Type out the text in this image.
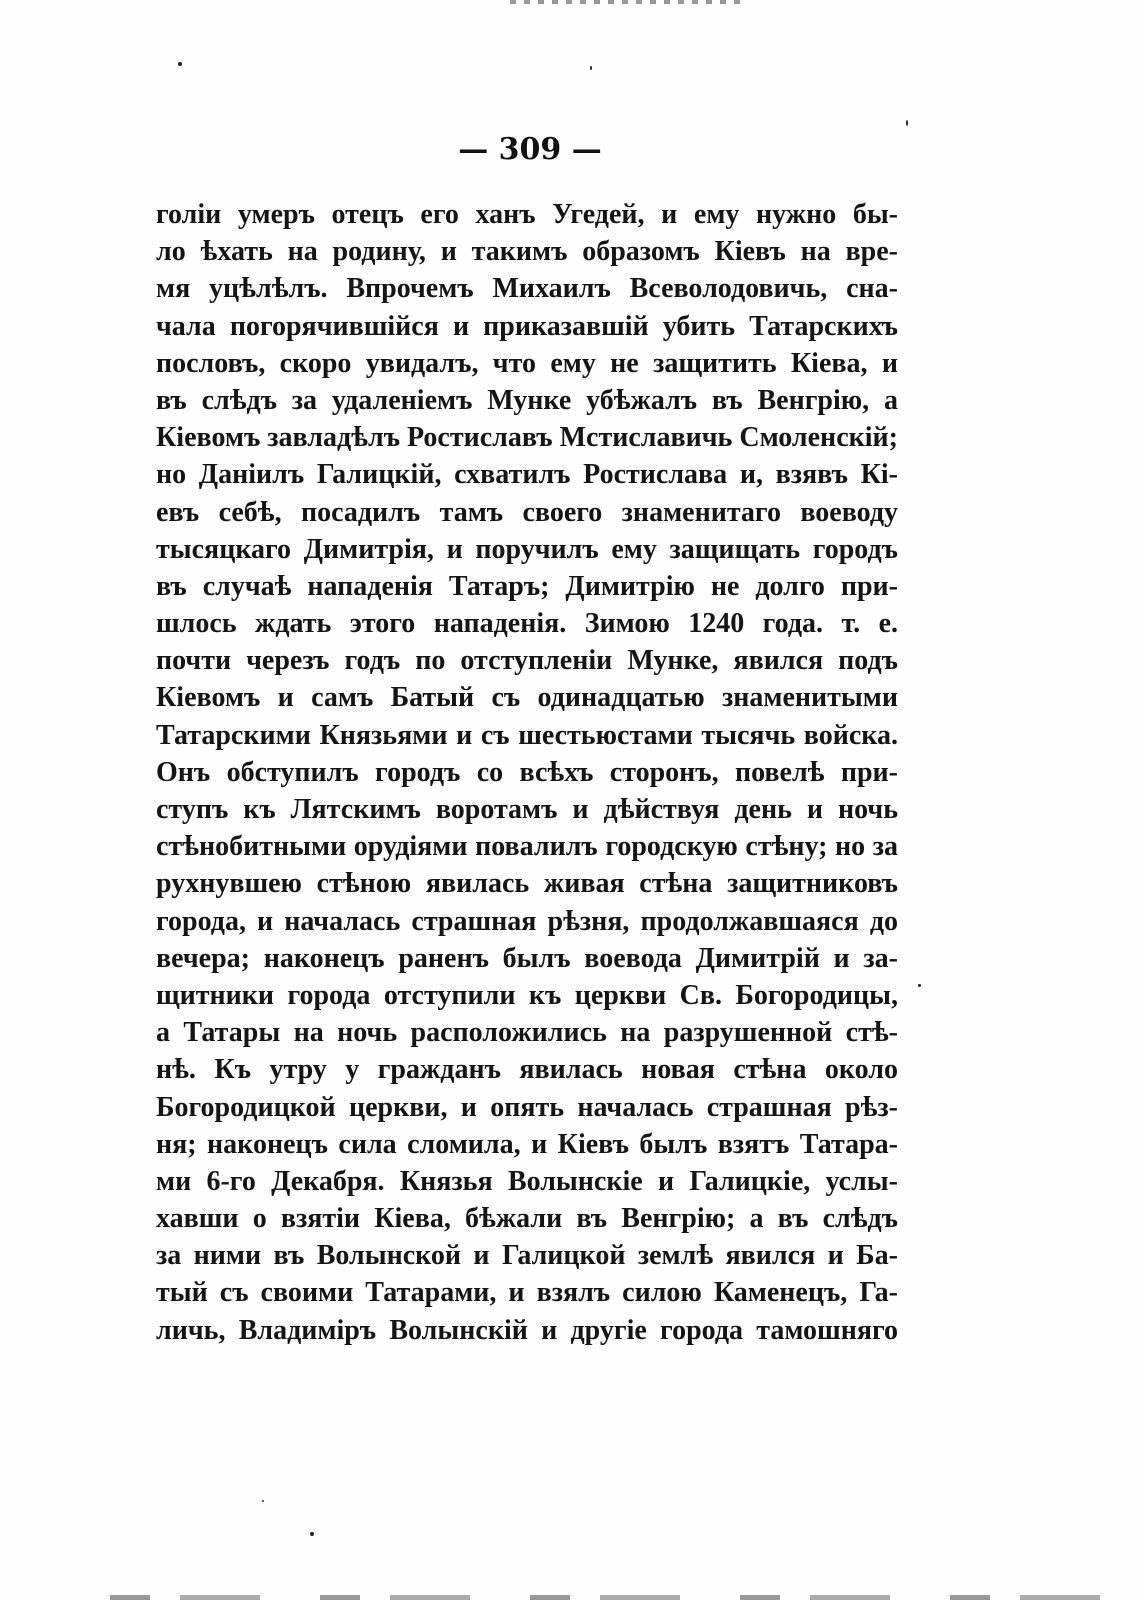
— 309 —
голіи умеръ отецъ его ханъ Угедей, и ему нужно бы-
ло ѣхать на родину, и такимъ образомъ Кіевъ на вре-
мя уцѣлѣлъ. Впрочемъ Михаилъ Всеволодовичь, сна-
чала погорячившійся и приказавшій убить Татарскихъ
пословъ, скоро увидалъ, что ему не защитить Кіева, и
въ слѣдъ за удаленіемъ Мунке убѣжалъ въ Венгрію, а
Кіевомъ завладѣлъ Ростиславъ Мстиславичь Смоленскій;
но Даніилъ Галицкій, схватилъ Ростислава и, взявъ Кі-
евъ себѣ, посадилъ тамъ своего знаменитаго воеводу
тысяцкаго Димитрія, и поручилъ ему защищать городъ
въ случаѣ нападенія Татаръ; Димитрію не долго при-
шлось ждать этого нападенія. Зимою 1240 года. т. е.
почти черезъ годъ по отступленіи Мунке, явился подъ
Кіевомъ и самъ Батый съ одинадцатью знаменитыми
Татарскими Князьями и съ шестьюстами тысячь войска.
Онъ обступилъ городъ со всѣхъ сторонъ, повелѣ при-
ступъ къ Лятскимъ воротамъ и дѣйствуя день и ночь
стѣнобитными орудіями повалилъ городскую стѣну; но за
рухнувшею стѣною явилась живая стѣна защитниковъ
города, и началась страшная рѣзня, продолжавшаяся до
вечера; наконецъ раненъ былъ воевода Димитрій и за-
щитники города отступили къ церкви Св. Богородицы,
а Татары на ночь расположились на разрушенной стѣ-
нѣ. Къ утру у гражданъ явилась новая стѣна около
Богородицкой церкви, и опять началась страшная рѣз-
ня; наконецъ сила сломила, и Кіевъ былъ взятъ Татара-
ми 6-го Декабря. Князья Волынскіе и Галицкіе, услы-
хавши о взятіи Кіева, бѣжали въ Венгрію; а въ слѣдъ
за ними въ Волынской и Галицкой землѣ явился и Ба-
тый съ своими Татарами, и взялъ силою Каменецъ, Га-
личь, Владиміръ Волынскій и другіе города тамошняго
